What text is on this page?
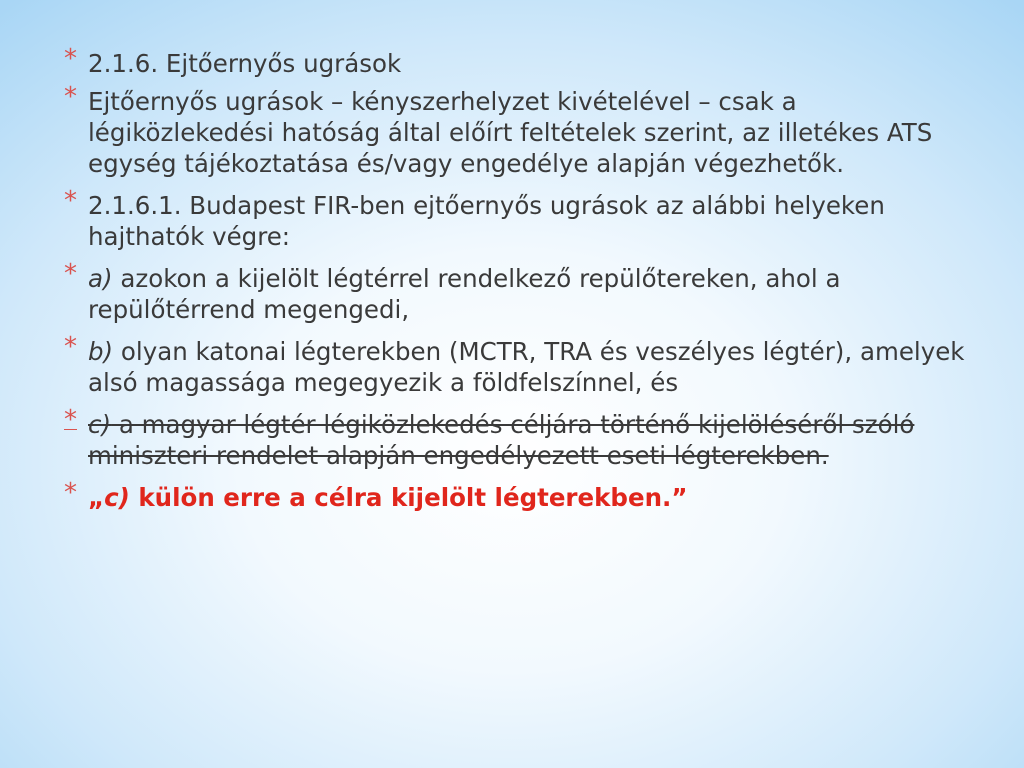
* 2.1.6. Ejtőernyős ugrások
* Ejtőernyős ugrások – kényszerhelyzet kivételével – csak a légiközlekedési hatóság által előírt feltételek szerint, az illetékes ATS egység tájékoztatása és/vagy engedélye alapján végezhetők.
* 2.1.6.1. Budapest FIR-ben ejtőernyős ugrások az alábbi helyeken hajthatók végre:
* a) azokon a kijelölt légtérrel rendelkező repülőtereken, ahol a repülőtérrend megengedi,
* b) olyan katonai légterekben (MCTR, TRA és veszélyes légtér), amelyek alsó magassága megegyezik a földfelszínnel, és
* c) a magyar légtér légiközlekedés céljára történő kijelöléséről szóló miniszteri rendelet alapján engedélyezett eseti légterekben.
* „c) külön erre a célra kijelölt légterekben.”
